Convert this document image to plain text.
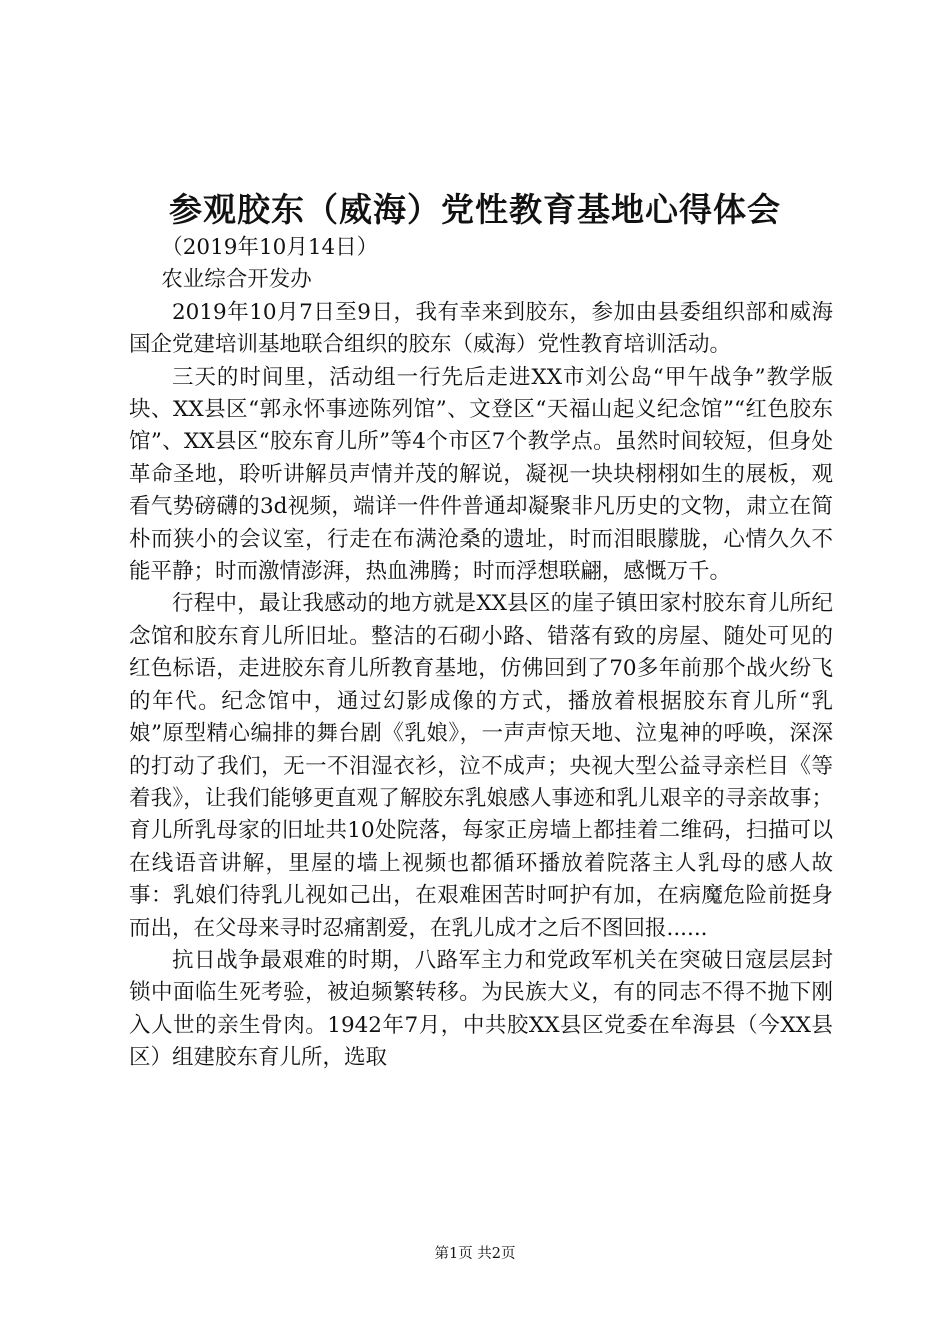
参观胶东（威海）党性教育基地心得体会

（2019年10月14日）

农业综合开发办

2019年10月7日至9日，我有幸来到胶东，参加由县委组织部和威海国企党建培训基地联合组织的胶东（威海）党性教育培训活动。

三天的时间里，活动组一行先后走进XX市刘公岛“甲午战争”教学版块、XX县区“郭永怀事迹陈列馆”、文登区“天福山起义纪念馆”“红色胶东馆”、XX县区“胶东育儿所”等4个市区7个教学点。虽然时间较短，但身处革命圣地，聆听讲解员声情并茂的解说，凝视一块块栩栩如生的展板，观看气势磅礴的3d视频，端详一件件普通却凝聚非凡历史的文物，肃立在简朴而狭小的会议室，行走在布满沧桑的遗址，时而泪眼朦胧，心情久久不能平静；时而激情澎湃，热血沸腾；时而浮想联翩，感慨万千。

行程中，最让我感动的地方就是XX县区的崖子镇田家村胶东育儿所纪念馆和胶东育儿所旧址。整洁的石砌小路、错落有致的房屋、随处可见的红色标语，走进胶东育儿所教育基地，仿佛回到了70多年前那个战火纷飞的年代。纪念馆中，通过幻影成像的方式，播放着根据胶东育儿所“乳娘”原型精心编排的舞台剧《乳娘》，一声声惊天地、泣鬼神的呼唤，深深的打动了我们，无一不泪湿衣衫，泣不成声；央视大型公益寻亲栏目《等着我》，让我们能够更直观了解胶东乳娘感人事迹和乳儿艰辛的寻亲故事；育儿所乳母家的旧址共10处院落，每家正房墙上都挂着二维码，扫描可以在线语音讲解，里屋的墙上视频也都循环播放着院落主人乳母的感人故事：乳娘们待乳儿视如己出，在艰难困苦时呵护有加，在病魔危险前挺身而出，在父母来寻时忍痛割爱，在乳儿成才之后不图回报......

抗日战争最艰难的时期，八路军主力和党政军机关在突破日寇层层封锁中面临生死考验，被迫频繁转移。为民族大义，有的同志不得不抛下刚入人世的亲生骨肉。1942年7月，中共胶XX县区党委在牟海县（今XX县区）组建胶东育儿所，选取

第1页 共2页
